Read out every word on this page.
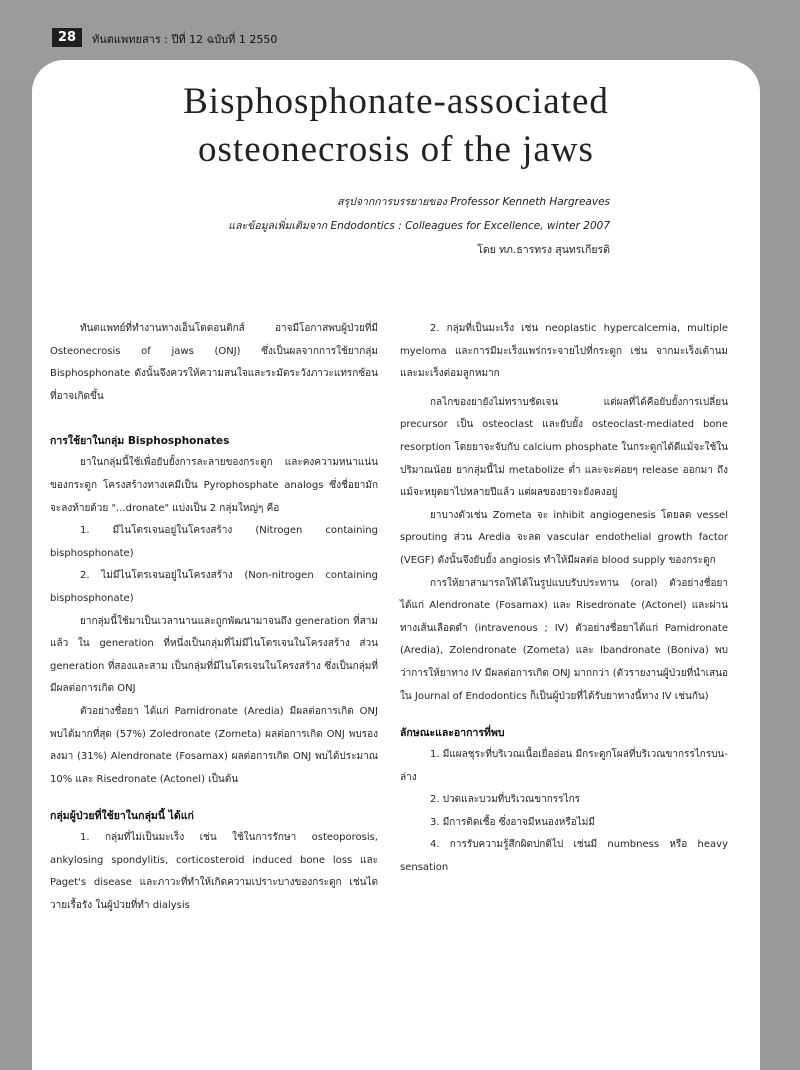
28	ทันตแพทยสาร : ปีที่ 12 ฉบับที่ 1 2550
Bisphosphonate-associated
osteonecrosis of the jaws
สรุปจากการบรรยายของ Professor Kenneth Hargreaves
และข้อมูลเพิ่มเติมจาก Endodontics : Colleagues for Excellence, winter 2007
โดย ทภ.ธารทรง สุนทรเกียรติ

ทันตแพทย์ที่ทำงานทางเอ็นโดดอนติกส์ อาจมีโอกาสพบผู้ป่วยที่มี Osteonecrosis of jaws (ONJ) ซึ่งเป็นผลจากการใช้ยากลุ่ม Bisphosphonate ดังนั้นจึงควรให้ความสนใจและระมัดระวังภาวะแทรกซ้อนที่อาจเกิดขึ้น

การใช้ยาในกลุ่ม Bisphosphonates

ยาในกลุ่มนี้ใช้เพื่อยับยั้งการละลายของกระดูก และคงความหนาแน่นของกระดูก โครงสร้างทางเคมีเป็น Pyrophosphate analogs ซึ่งชื่อยามักจะลงท้ายด้วย "...dronate" แบ่งเป็น 2 กลุ่มใหญ่ๆ คือ

1. มีไนโตรเจนอยู่ในโครงสร้าง (Nitrogen containing bisphosphonate)

2. ไม่มีไนโตรเจนอยู่ในโครงสร้าง (Non-nitrogen containing bisphosphonate)

ยากลุ่มนี้ใช้มาเป็นเวลานานและถูกพัฒนามาจนถึง generation ที่สามแล้ว ใน generation ที่หนึ่งเป็นกลุ่มที่ไม่มีไนโตรเจนในโครงสร้าง ส่วน generation ที่สองและสาม เป็นกลุ่มที่มีไนโตรเจนในโครงสร้าง ซึ่งเป็นกลุ่มที่มีผลต่อการเกิด ONJ

ตัวอย่างชื่อยา ได้แก่ Pamidronate (Aredia) มีผลต่อการเกิด ONJ พบได้มากที่สุด (57%) Zoledronate (Zometa) ผลต่อการเกิด ONJ พบรองลงมา (31%) Alendronate (Fosamax) ผลต่อการเกิด ONJ พบได้ประมาณ 10% และ Risedronate (Actonel) เป็นต้น

กลุ่มผู้ป่วยที่ใช้ยาในกลุ่มนี้ ได้แก่

1. กลุ่มที่ไม่เป็นมะเร็ง เช่น ใช้ในการรักษา osteoporosis, ankylosing spondylitis, corticosteroid induced bone loss และ Paget's disease และภาวะที่ทำให้เกิดความเปราะบางของกระดูก เช่นไตวายเรื้อรัง ในผู้ป่วยที่ทำ dialysis

2. กลุ่มที่เป็นมะเร็ง เช่น neoplastic hypercalcemia, multiple myeloma และการมีมะเร็งแพร่กระจายไปที่กระดูก เช่น จากมะเร็งเต้านมและมะเร็งต่อมลูกหมาก

กลไกของยายังไม่ทราบชัดเจน แต่ผลที่ได้คือยับยั้งการเปลี่ยน precursor เป็น osteoclast และยับยั้ง osteoclast-mediated bone resorption โดยยาจะจับกับ calcium phosphate ในกระดูกได้ดีแม้จะใช้ในปริมาณน้อย ยากลุ่มนี้ไม่ metabolize ต่ำ และจะค่อยๆ release ออกมา ถึงแม้จะหยุดยาไปหลายปีแล้ว แต่ผลของยาจะยังคงอยู่

ยาบางตัวเช่น Zometa จะ inhibit angiogenesis โดยลด vessel sprouting ส่วน Aredia จะลด vascular endothelial growth factor (VEGF) ดังนั้นจึงยับยั้ง angiosis ทำให้มีผลต่อ blood supply ของกระดูก

การให้ยาสามารถให้ได้ในรูปแบบรับประทาน (oral) ตัวอย่างชื่อยาได้แก่ Alendronate (Fosamax) และ Risedronate (Actonel) และผ่านทางเส้นเลือดดำ (intravenous ; IV) ตัวอย่างชื่อยาได้แก่ Pamidronate (Aredia), Zolendronate (Zometa) และ Ibandronate (Boniva) พบว่าการให้ยาทาง IV มีผลต่อการเกิด ONJ มากกว่า (ตัวรายงานผู้ป่วยที่นำเสนอใน Journal of Endodontics ก็เป็นผู้ป่วยที่ได้รับยาทางนี้ทาง IV เช่นกัน)

ลักษณะและอาการที่พบ

1. มีแผลชุระที่บริเวณเนื้อเยื่ออ่อน มีกระดูกโผล่ที่บริเวณขากรรไกรบน-ล่าง

2. ปวดและบวมที่บริเวณขากรรไกร

3. มีการติดเชื้อ ซึ่งอาจมีหนองหรือไม่มี

4. การรับความรู้สึกผิดปกติไป เช่นมี numbness หรือ heavy sensation
